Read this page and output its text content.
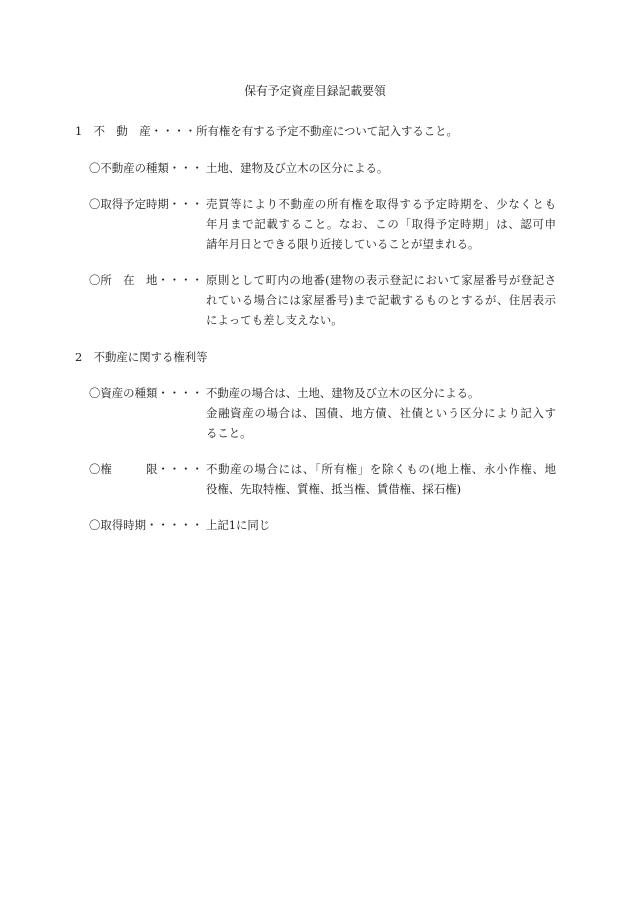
保有予定資産目録記載要領
1　不　動　産・・・・所有権を有する予定不動産について記入すること。
〇不動産の種類・・・ 土地、建物及び立木の区分による。
〇取得予定時期・・・ 売買等により不動産の所有権を取得する予定時期を、少なくとも
年月まで記載すること。なお、この「取得予定時期」は、認可申
請年月日とできる限り近接していることが望まれる。
〇所　在　地・・・・ 原則として町内の地番(建物の表示登記において家屋番号が登記さ
れている場合には家屋番号)まで記載するものとするが、住居表示
によっても差し支えない。
2　不動産に関する権利等
〇資産の種類・・・・ 不動産の場合は、土地、建物及び立木の区分による。
金融資産の場合は、国債、地方債、社債という区分により記入す
ること。
〇権　　　限・・・・ 不動産の場合には、「所有権」を除くもの(地上権、永小作権、地
役権、先取特権、質権、抵当権、賃借権、採石権)
〇取得時期・・・・・ 上記1に同じ
